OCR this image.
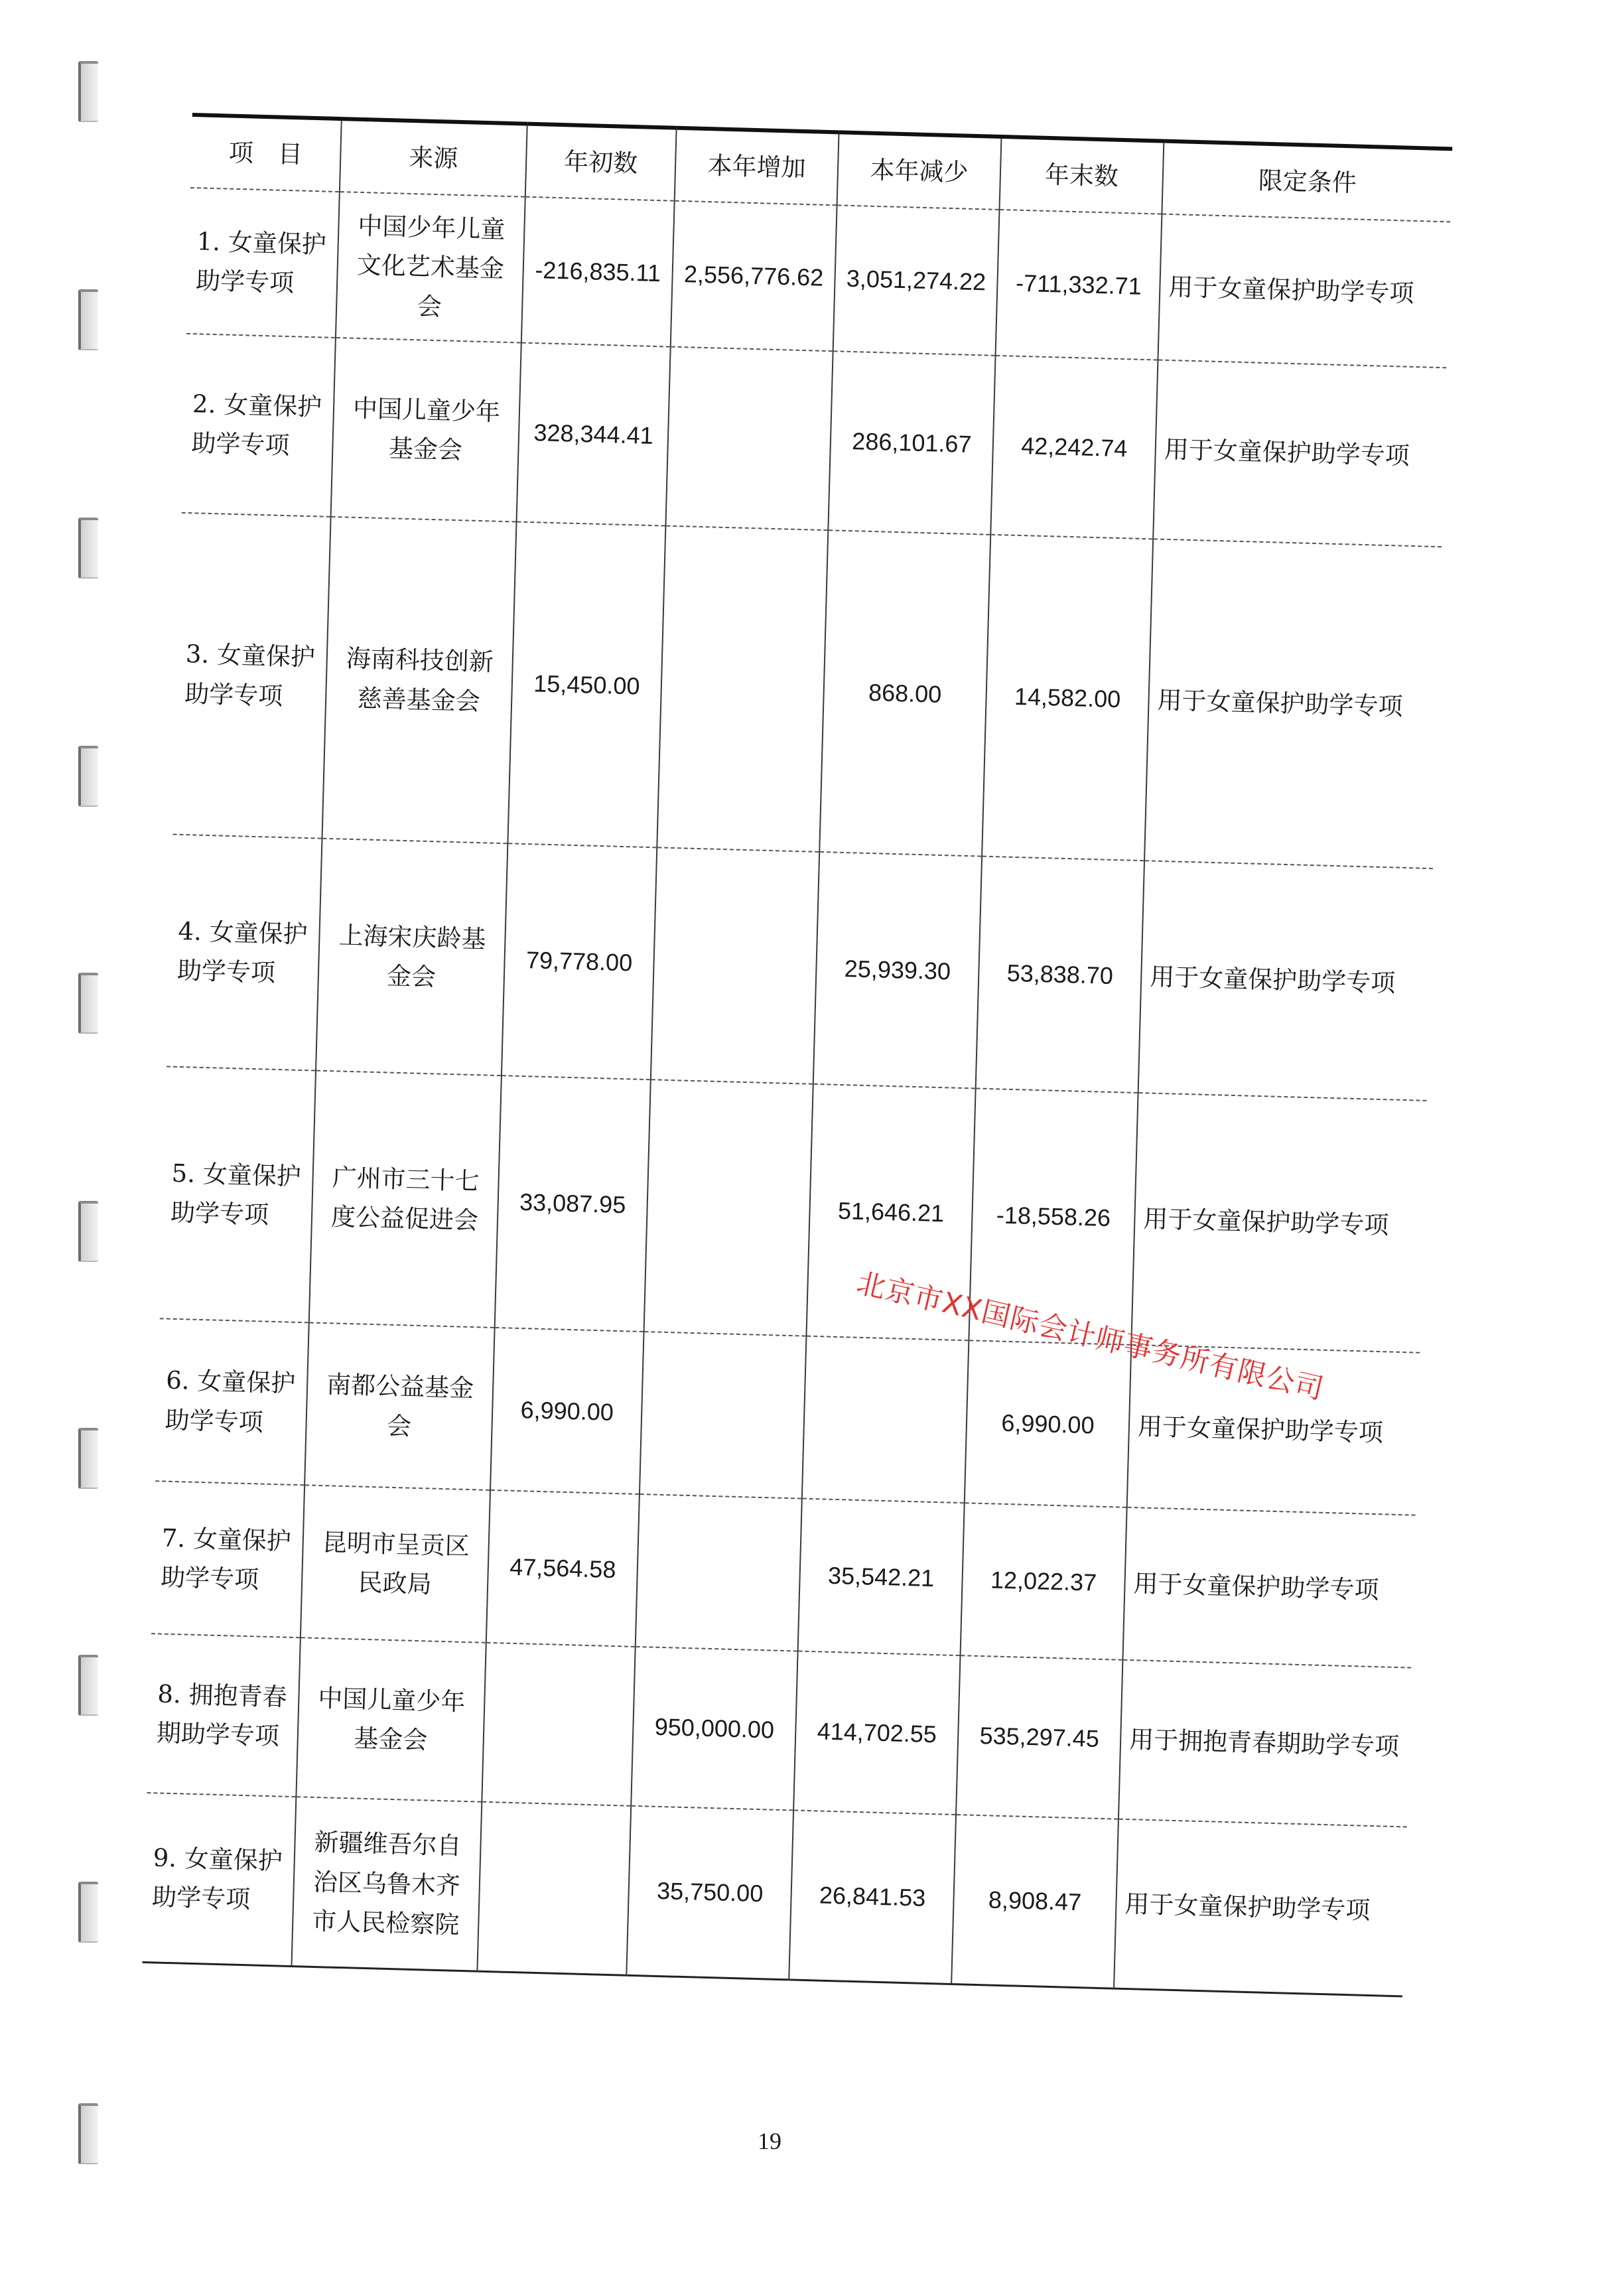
项　目	来源	年初数	本年增加	本年减少	年末数	限定条件
1. 女童保护助学专项	中国少年儿童文化艺术基金会	-216,835.11	2,556,776.62	3,051,274.22	-711,332.71	用于女童保护助学专项
2. 女童保护助学专项	中国儿童少年基金会	328,344.41		286,101.67	42,242.74	用于女童保护助学专项
3. 女童保护助学专项	海南科技创新慈善基金会	15,450.00		868.00	14,582.00	用于女童保护助学专项
4. 女童保护助学专项	上海宋庆龄基金会	79,778.00		25,939.30	53,838.70	用于女童保护助学专项
5. 女童保护助学专项	广州市三十七度公益促进会	33,087.95		51,646.21	-18,558.26	用于女童保护助学专项
6. 女童保护助学专项	南都公益基金会	6,990.00			6,990.00	用于女童保护助学专项
7. 女童保护助学专项	昆明市呈贡区民政局	47,564.58		35,542.21	12,022.37	用于女童保护助学专项
8. 拥抱青春期助学专项	中国儿童少年基金会		950,000.00	414,702.55	535,297.45	用于拥抱青春期助学专项
9. 女童保护助学专项	新疆维吾尔自治区乌鲁木齐市人民检察院		35,750.00	26,841.53	8,908.47	用于女童保护助学专项
北京市XX国际会计师事务所有限公司
19
